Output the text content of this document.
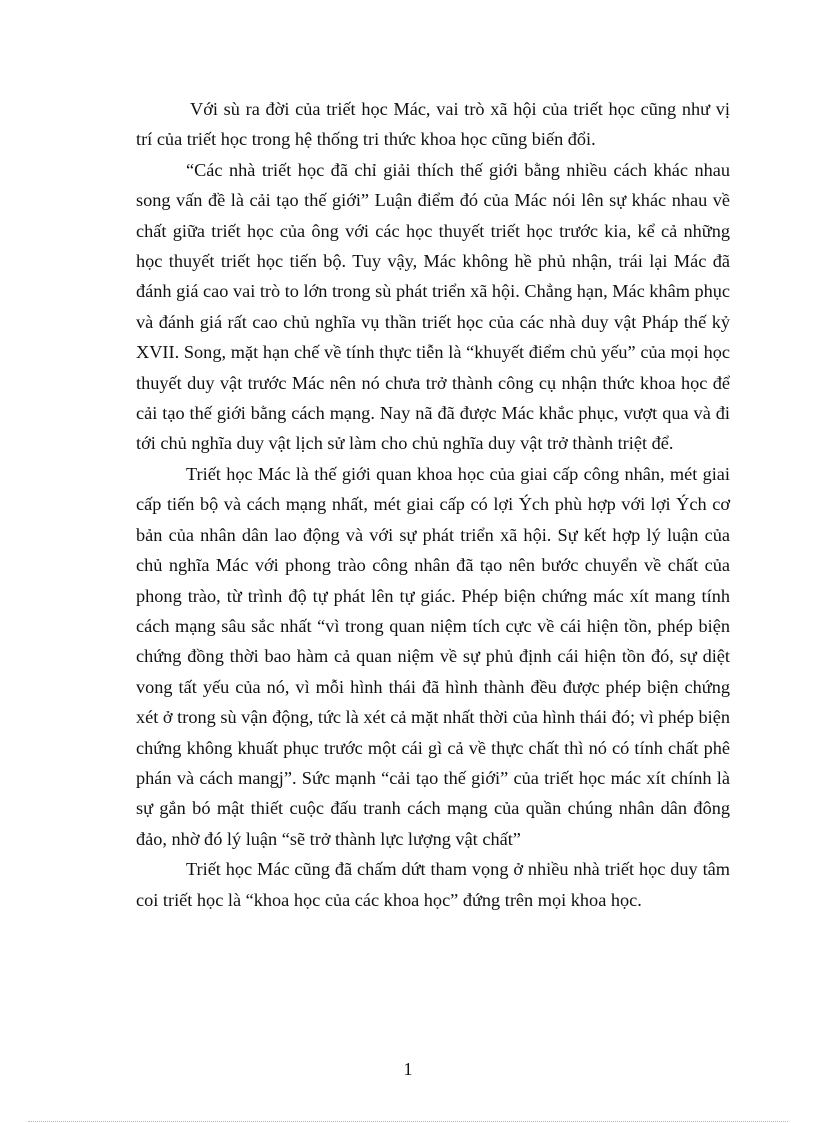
Với sù ra đời của triết học Mác, vai trò xã hội của triết học cũng như vị trí của triết học trong hệ thống tri thức khoa học cũng biến đổi.

“Các nhà triết học đã chỉ giải thích thế giới bằng nhiều cách khác nhau song vấn đề là cải tạo thế giới” Luận điểm đó của Mác nói lên sự khác nhau về chất giữa triết học của ông với các học thuyết triết học trước kia, kể cả những học thuyết triết học tiến bộ. Tuy vậy, Mác không hề phủ nhận, trái lại Mác đã đánh giá cao vai trò to lớn trong sù phát triển xã hội. Chẳng hạn, Mác khâm phục và đánh giá rất cao chủ nghĩa vụ thần triết học của các nhà duy vật Pháp thế kỷ XVII. Song, mặt hạn chế về tính thực tiễn là “khuyết điểm chủ yếu” của mọi học thuyết duy vật trước Mác nên nó chưa trở thành công cụ nhận thức khoa học để cải tạo thế giới bằng cách mạng. Nay nã đã được Mác khắc phục, vượt qua và đi tới chủ nghĩa duy vật lịch sử làm cho chủ nghĩa duy vật trở thành triệt để.

Triết học Mác là thế giới quan khoa học của giai cấp công nhân, mét giai cấp tiến bộ và cách mạng nhất, mét giai cấp có lợi Ých phù hợp với lợi Ých cơ bản của nhân dân lao động và với sự phát triển xã hội. Sự kết hợp lý luận của chủ nghĩa Mác với phong trào công nhân đã tạo nên bước chuyển về chất của phong trào, từ trình độ tự phát lên tự giác. Phép biện chứng mác xít mang tính cách mạng sâu sắc nhất “vì trong quan niệm tích cực về cái hiện tồn, phép biện chứng đồng thời bao hàm cả quan niệm về sự phủ định cái hiện tồn đó, sự diệt vong tất yếu của nó, vì mỗi hình thái đã hình thành đều được phép biện chứng xét ở trong sù vận động, tức là xét cả mặt nhất thời của hình thái đó; vì phép biện chứng không khuất phục trước một cái gì cả về thực chất thì nó có tính chất phê phán và cách mangj”. Sức mạnh “cải tạo thế giới” của triết học mác xít chính là sự gắn bó mật thiết cuộc đấu tranh cách mạng của quần chúng nhân dân đông đảo, nhờ đó lý luận “sẽ trở thành lực lượng vật chất”

Triết học Mác cũng đã chấm dứt tham vọng ở nhiều nhà triết học duy tâm coi triết học là “khoa học của các khoa học” đứng trên mọi khoa học.

1
